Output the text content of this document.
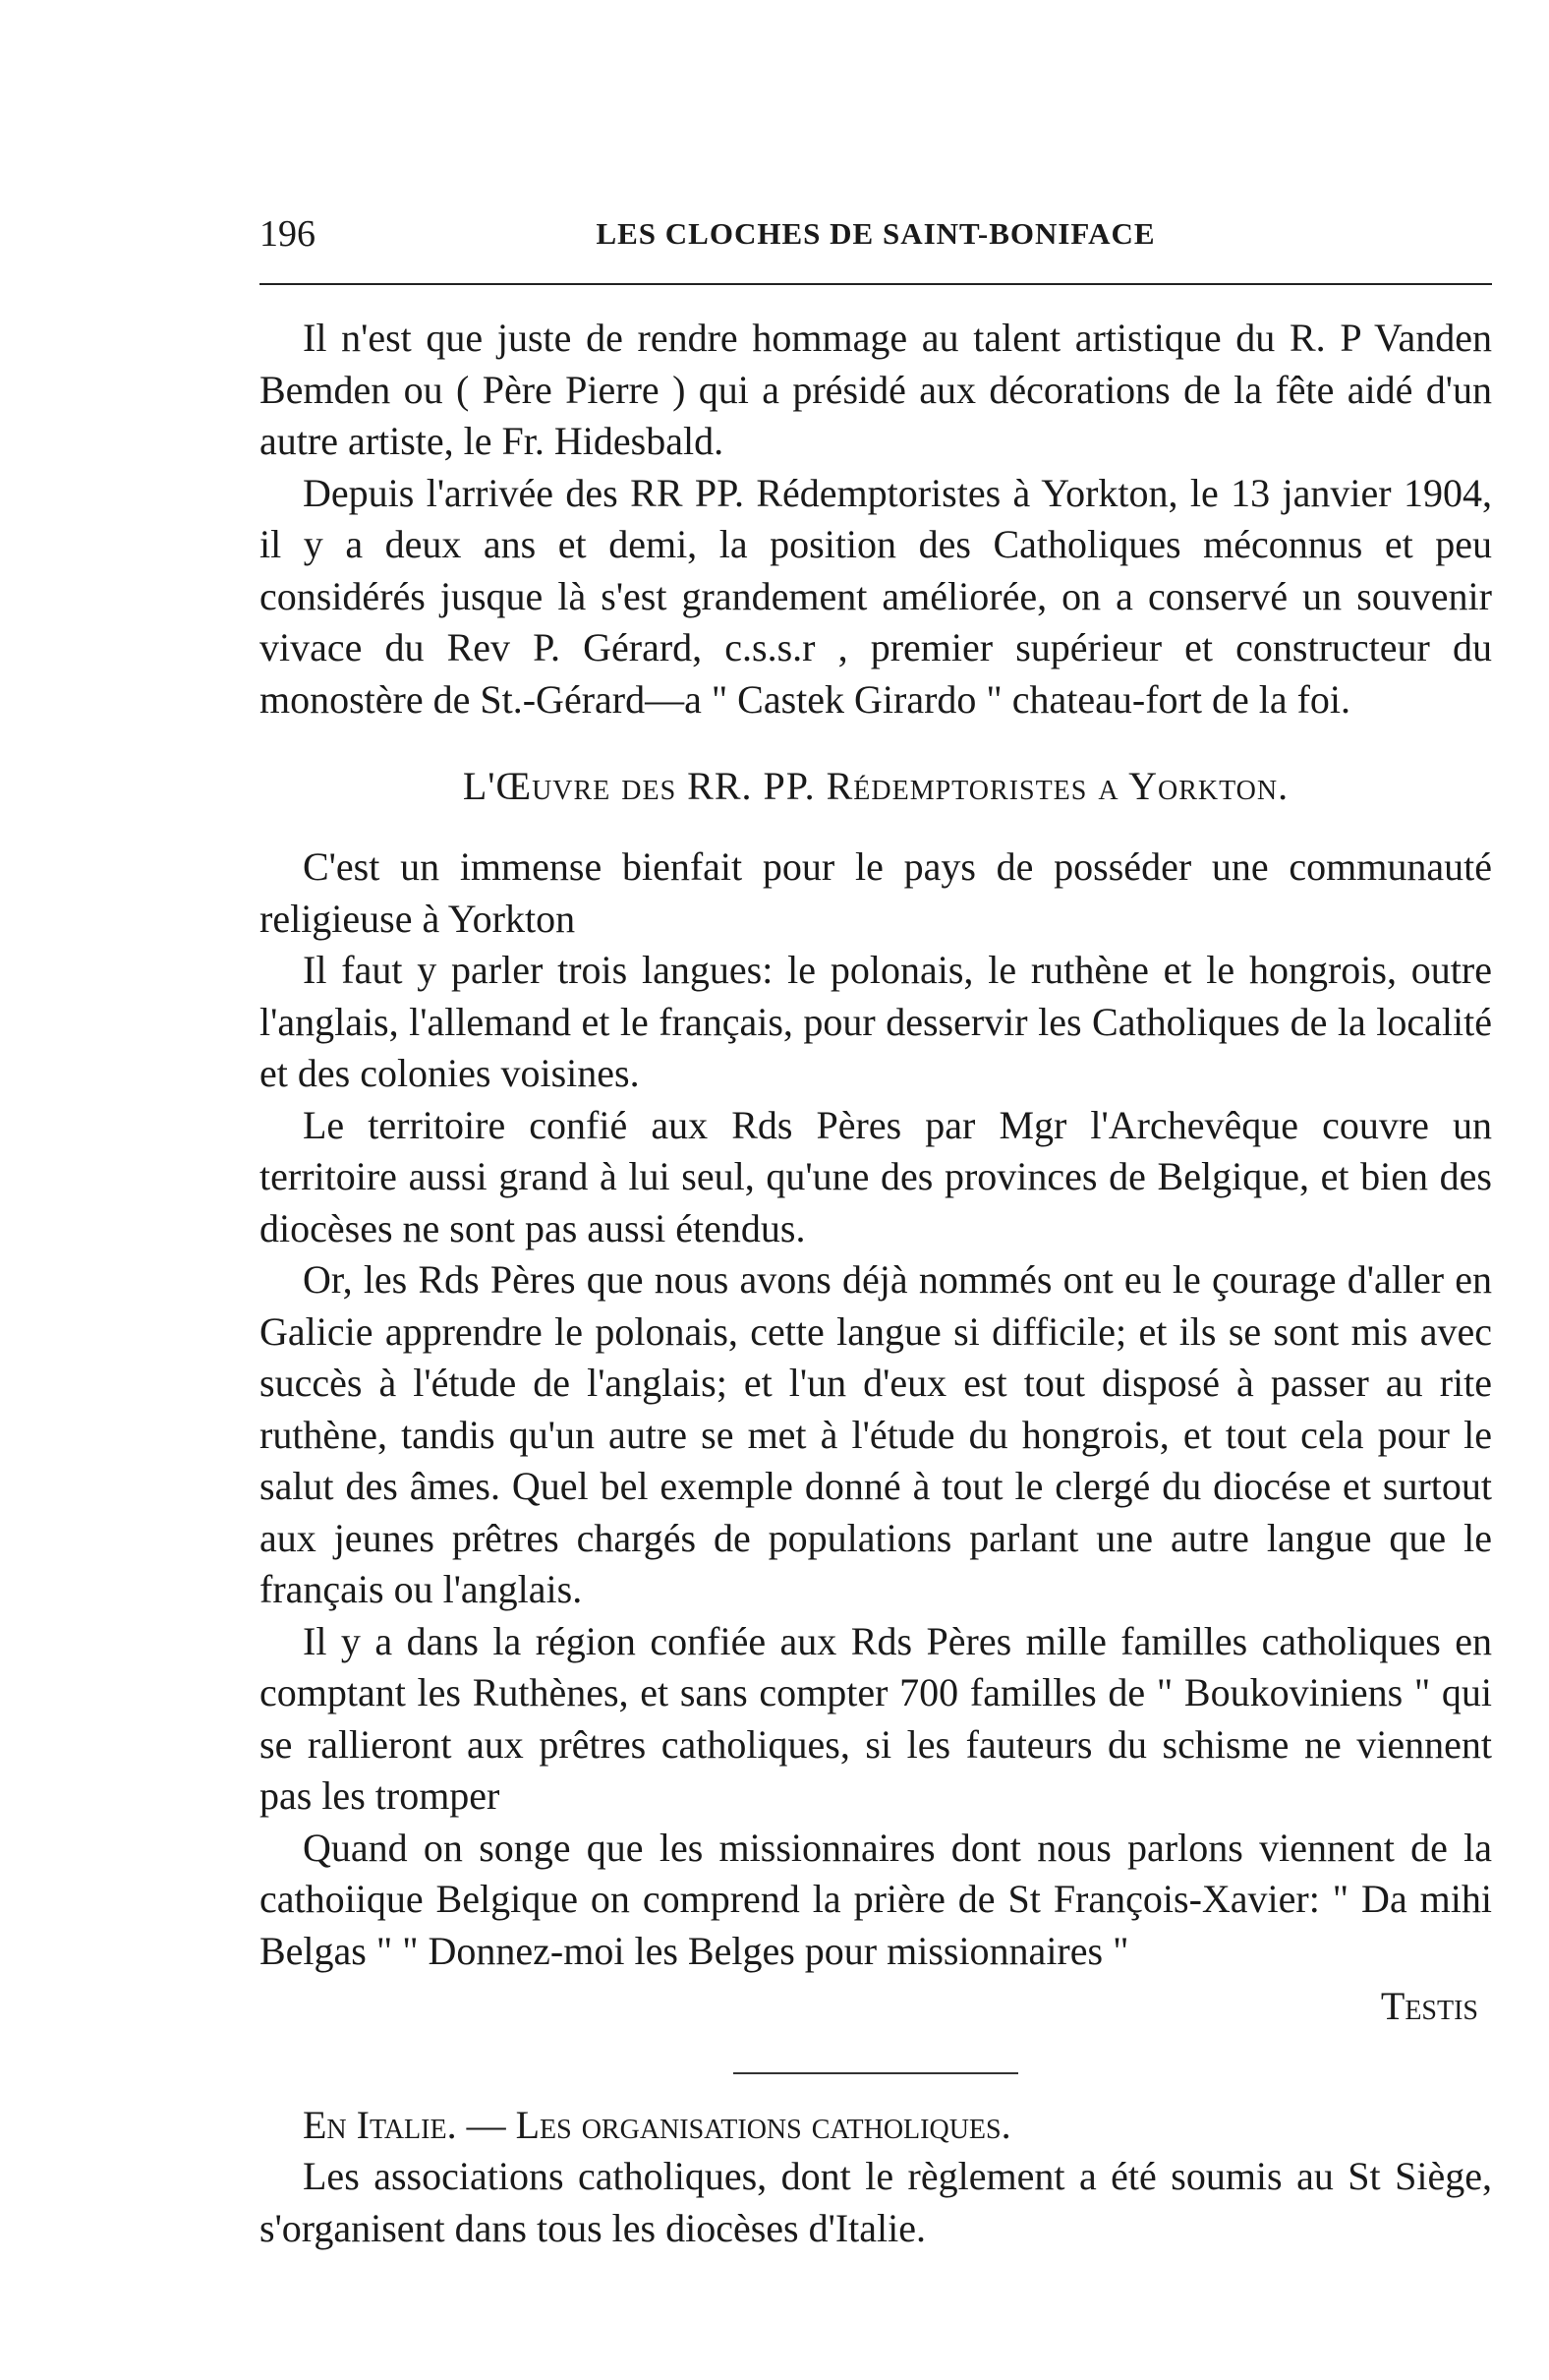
196	LES CLOCHES DE SAINT-BONIFACE

Il n'est que juste de rendre hommage au talent artistique du R. P Vanden Bemden ou ( Père Pierre ) qui a présidé aux décorations de la fête aidé d'un autre artiste, le Fr. Hidesbald.

Depuis l'arrivée des RR PP. Rédemptoristes à Yorkton, le 13 janvier 1904, il y a deux ans et demi, la position des Catholiques méconnus et peu considérés jusque là s'est grandement améliorée, on a conservé un souvenir vivace du Rev P. Gérard, c.s.s.r , premier supérieur et constructeur du monostère de St.-Gérard—a " Castek Girardo " chateau-fort de la foi.

L'Œuvre des RR. PP. Rédemptoristes a Yorkton.

C'est un immense bienfait pour le pays de posséder une communauté religieuse à Yorkton

Il faut y parler trois langues: le polonais, le ruthène et le hongrois, outre l'anglais, l'allemand et le français, pour desservir les Catholiques de la localité et des colonies voisines.

Le territoire confié aux Rds Pères par Mgr l'Archevêque couvre un territoire aussi grand à lui seul, qu'une des provinces de Belgique, et bien des diocèses ne sont pas aussi étendus.

Or, les Rds Pères que nous avons déjà nommés ont eu le çourage d'aller en Galicie apprendre le polonais, cette langue si difficile; et ils se sont mis avec succès à l'étude de l'anglais; et l'un d'eux est tout disposé à passer au rite ruthène, tandis qu'un autre se met à l'étude du hongrois, et tout cela pour le salut des âmes. Quel bel exemple donné à tout le clergé du diocése et surtout aux jeunes prêtres chargés de populations parlant une autre langue que le français ou l'anglais.

Il y a dans la région confiée aux Rds Pères mille familles catholiques en comptant les Ruthènes, et sans compter 700 familles de " Boukoviniens " qui se rallieront aux prêtres catholiques, si les fauteurs du schisme ne viennent pas les tromper

Quand on songe que les missionnaires dont nous parlons viennent de la cathoiique Belgique on comprend la prière de St François-Xavier: " Da mihi Belgas " " Donnez-moi les Belges pour missionnaires "

Testis

En Italie. — Les organisations catholiques.

Les associations catholiques, dont le règlement a été soumis au St Siège, s'organisent dans tous les diocèses d'Italie.
